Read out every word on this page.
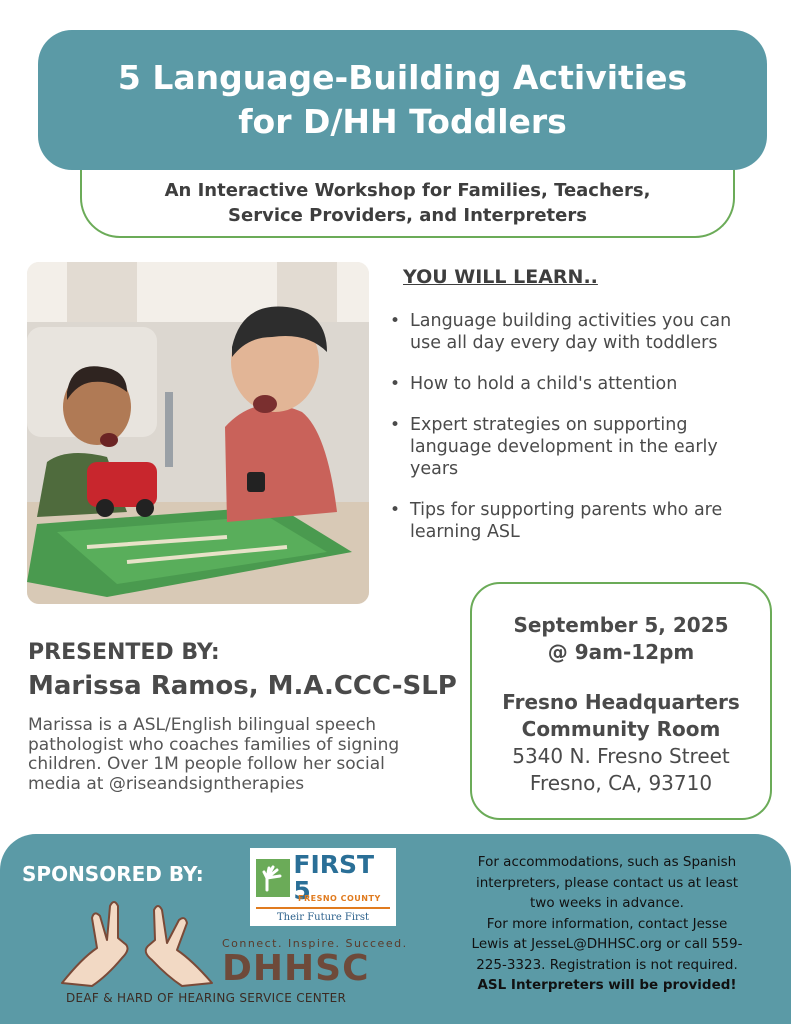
5 Language-Building Activities
for D/HH Toddlers
An Interactive Workshop for Families, Teachers,
Service Providers, and Interpreters
YOU WILL LEARN..
• Language building activities you can
use all day every day with toddlers
• How to hold a child's attention
• Expert strategies on supporting
language development in the early
years
• Tips for supporting parents who are
learning ASL
September 5, 2025
@ 9am-12pm
Fresno Headquarters
Community Room
5340 N. Fresno Street
Fresno, CA, 93710
PRESENTED BY:
Marissa Ramos, M.A.CCC-SLP
Marissa is a ASL/English bilingual speech
pathologist who coaches families of signing
children. Over 1M people follow her social
media at @riseandsigntherapies
SPONSORED BY:	FIRST 5
FRESNO COUNTY
Their Future First
Connect. Inspire. Succeed.
DHHSC
DEAF & HARD OF HEARING SERVICE CENTER
For accommodations, such as Spanish
interpreters, please contact us at least
two weeks in advance.
For more information, contact Jesse
Lewis at JesseL@DHHSC.org or call 559-
225-3323. Registration is not required.
ASL Interpreters will be provided!
